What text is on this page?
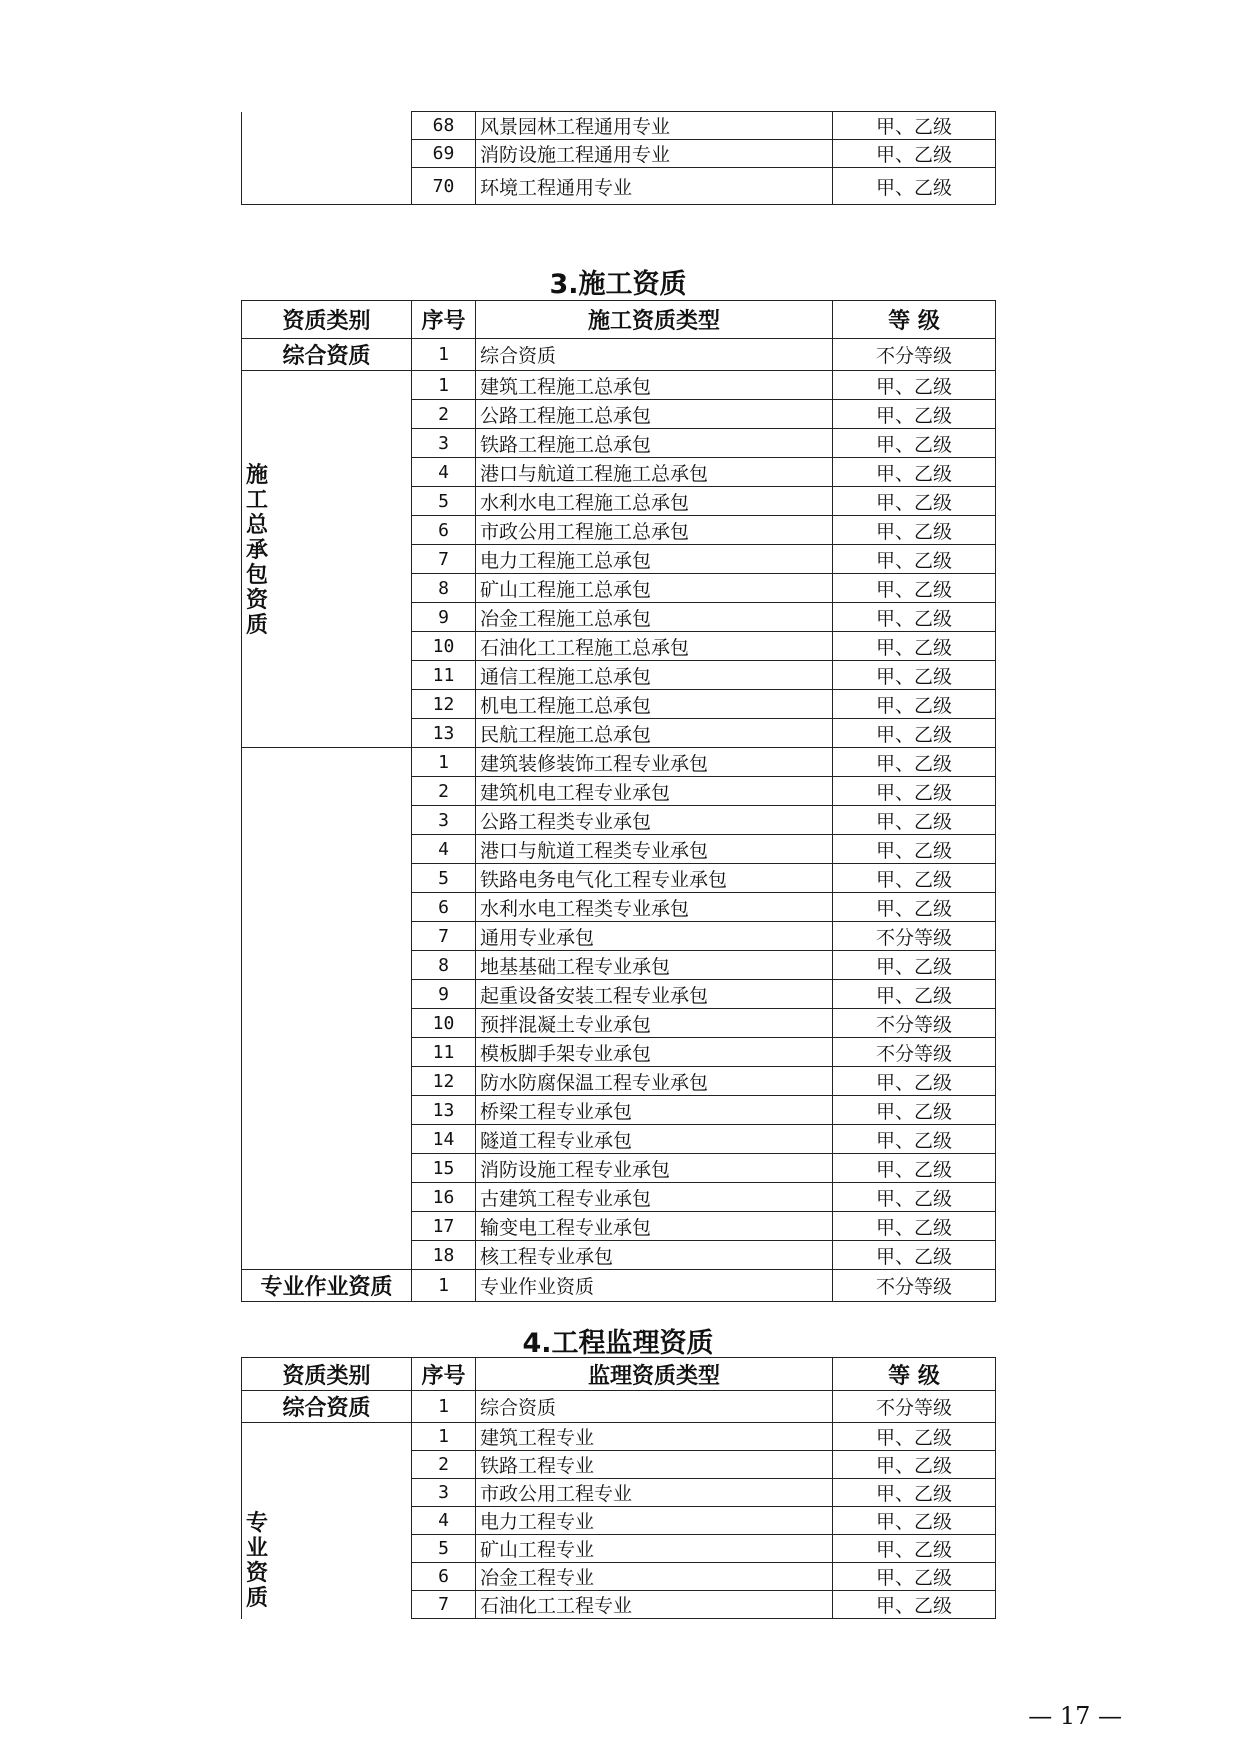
	68	风景园林工程通用专业	甲、乙级
	69	消防设施工程通用专业	甲、乙级
	70	环境工程通用专业	甲、乙级
3.施工资质
资质类别	序号	施工资质类型	等 级
综合资质	1	综合资质	不分等级

施工总承包资质	1	建筑工程施工总承包	甲、乙级
	2	公路工程施工总承包	甲、乙级
	3	铁路工程施工总承包	甲、乙级
	4	港口与航道工程施工总承包	甲、乙级
	5	水利水电工程施工总承包	甲、乙级
	6	市政公用工程施工总承包	甲、乙级
	7	电力工程施工总承包	甲、乙级
	8	矿山工程施工总承包	甲、乙级
	9	冶金工程施工总承包	甲、乙级
	10	石油化工工程施工总承包	甲、乙级
	11	通信工程施工总承包	甲、乙级
	12	机电工程施工总承包	甲、乙级
	13	民航工程施工总承包	甲、乙级
	1	建筑装修装饰工程专业承包	甲、乙级
	2	建筑机电工程专业承包	甲、乙级
	3	公路工程类专业承包	甲、乙级
	4	港口与航道工程类专业承包	甲、乙级
	5	铁路电务电气化工程专业承包	甲、乙级
	6	水利水电工程类专业承包	甲、乙级
	7	通用专业承包	不分等级
	8	地基基础工程专业承包	甲、乙级
	9	起重设备安装工程专业承包	甲、乙级
	10	预拌混凝土专业承包	不分等级
	11	模板脚手架专业承包	不分等级
	12	防水防腐保温工程专业承包	甲、乙级
	13	桥梁工程专业承包	甲、乙级
	14	隧道工程专业承包	甲、乙级
	15	消防设施工程专业承包	甲、乙级
	16	古建筑工程专业承包	甲、乙级
	17	输变电工程专业承包	甲、乙级
	18	核工程专业承包	甲、乙级
专业作业资质	1	专业作业资质	不分等级
4.工程监理资质
资质类别	序号	监理资质类型	等 级
综合资质	1	综合资质	不分等级

专业资质	1	建筑工程专业	甲、乙级
	2	铁路工程专业	甲、乙级
	3	市政公用工程专业	甲、乙级
	4	电力工程专业	甲、乙级
	5	矿山工程专业	甲、乙级
	6	冶金工程专业	甲、乙级
	7	石油化工工程专业	甲、乙级
— 17 —
